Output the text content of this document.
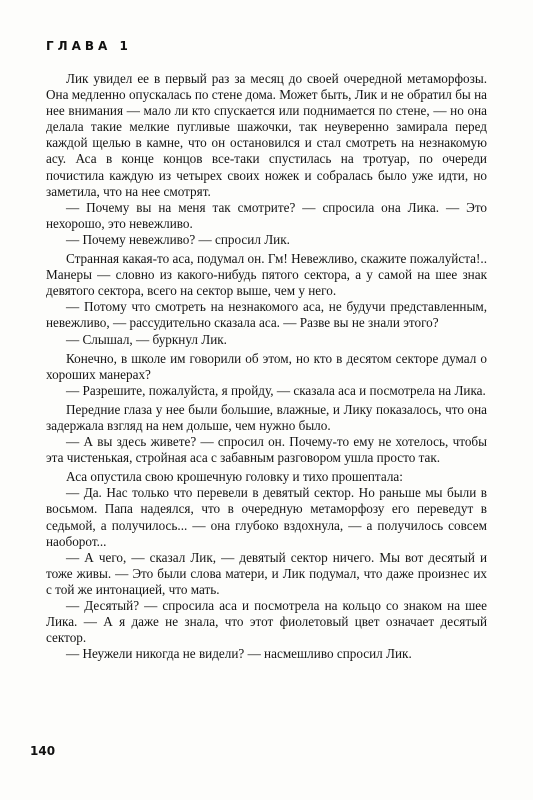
ГЛАВА 1

Лик увидел ее в первый раз за месяц до своей очередной метаморфозы. Она медленно опускалась по стене дома. Может быть, Лик и не обратил бы на нее внимания — мало ли кто спускается или поднимается по стене, — но она делала такие мелкие пугливые шажочки, так неуверенно замирала перед каждой щелью в камне, что он остановился и стал смотреть на незнакомую асу. Аса в конце концов все-таки спустилась на тротуар, по очереди почистила каждую из четырех своих ножек и собралась было уже идти, но заметила, что на нее смотрят.

— Почему вы на меня так смотрите? — спросила она Лика. — Это нехорошо, это невежливо.

— Почему невежливо? — спросил Лик.

Странная какая-то аса, подумал он. Гм! Невежливо, скажите пожалуйста!.. Манеры — словно из какого-нибудь пятого сектора, а у самой на шее знак девятого сектора, всего на сектор выше, чем у него.

— Потому что смотреть на незнакомого аса, не будучи представленным, невежливо, — рассудительно сказала аса. — Разве вы не знали этого?

— Слышал, — буркнул Лик.

Конечно, в школе им говорили об этом, но кто в десятом секторе думал о хороших манерах?

— Разрешите, пожалуйста, я пройду, — сказала аса и посмотрела на Лика.

Передние глаза у нее были большие, влажные, и Лику показалось, что она задержала взгляд на нем дольше, чем нужно было.

— А вы здесь живете? — спросил он. Почему-то ему не хотелось, чтобы эта чистенькая, стройная аса с забавным разговором ушла просто так.

Аса опустила свою крошечную головку и тихо прошептала:

— Да. Нас только что перевели в девятый сектор. Но раньше мы были в восьмом. Папа надеялся, что в очередную метаморфозу его переведут в седьмой, а получилось... — она глубоко вздохнула, — а получилось совсем наоборот...

— А чего, — сказал Лик, — девятый сектор ничего. Мы вот десятый и тоже живы. — Это были слова матери, и Лик подумал, что даже произнес их с той же интонацией, что мать.

— Десятый? — спросила аса и посмотрела на кольцо со знаком на шее Лика. — А я даже не знала, что этот фиолетовый цвет означает десятый сектор.

— Неужели никогда не видели? — насмешливо спросил Лик.

140
